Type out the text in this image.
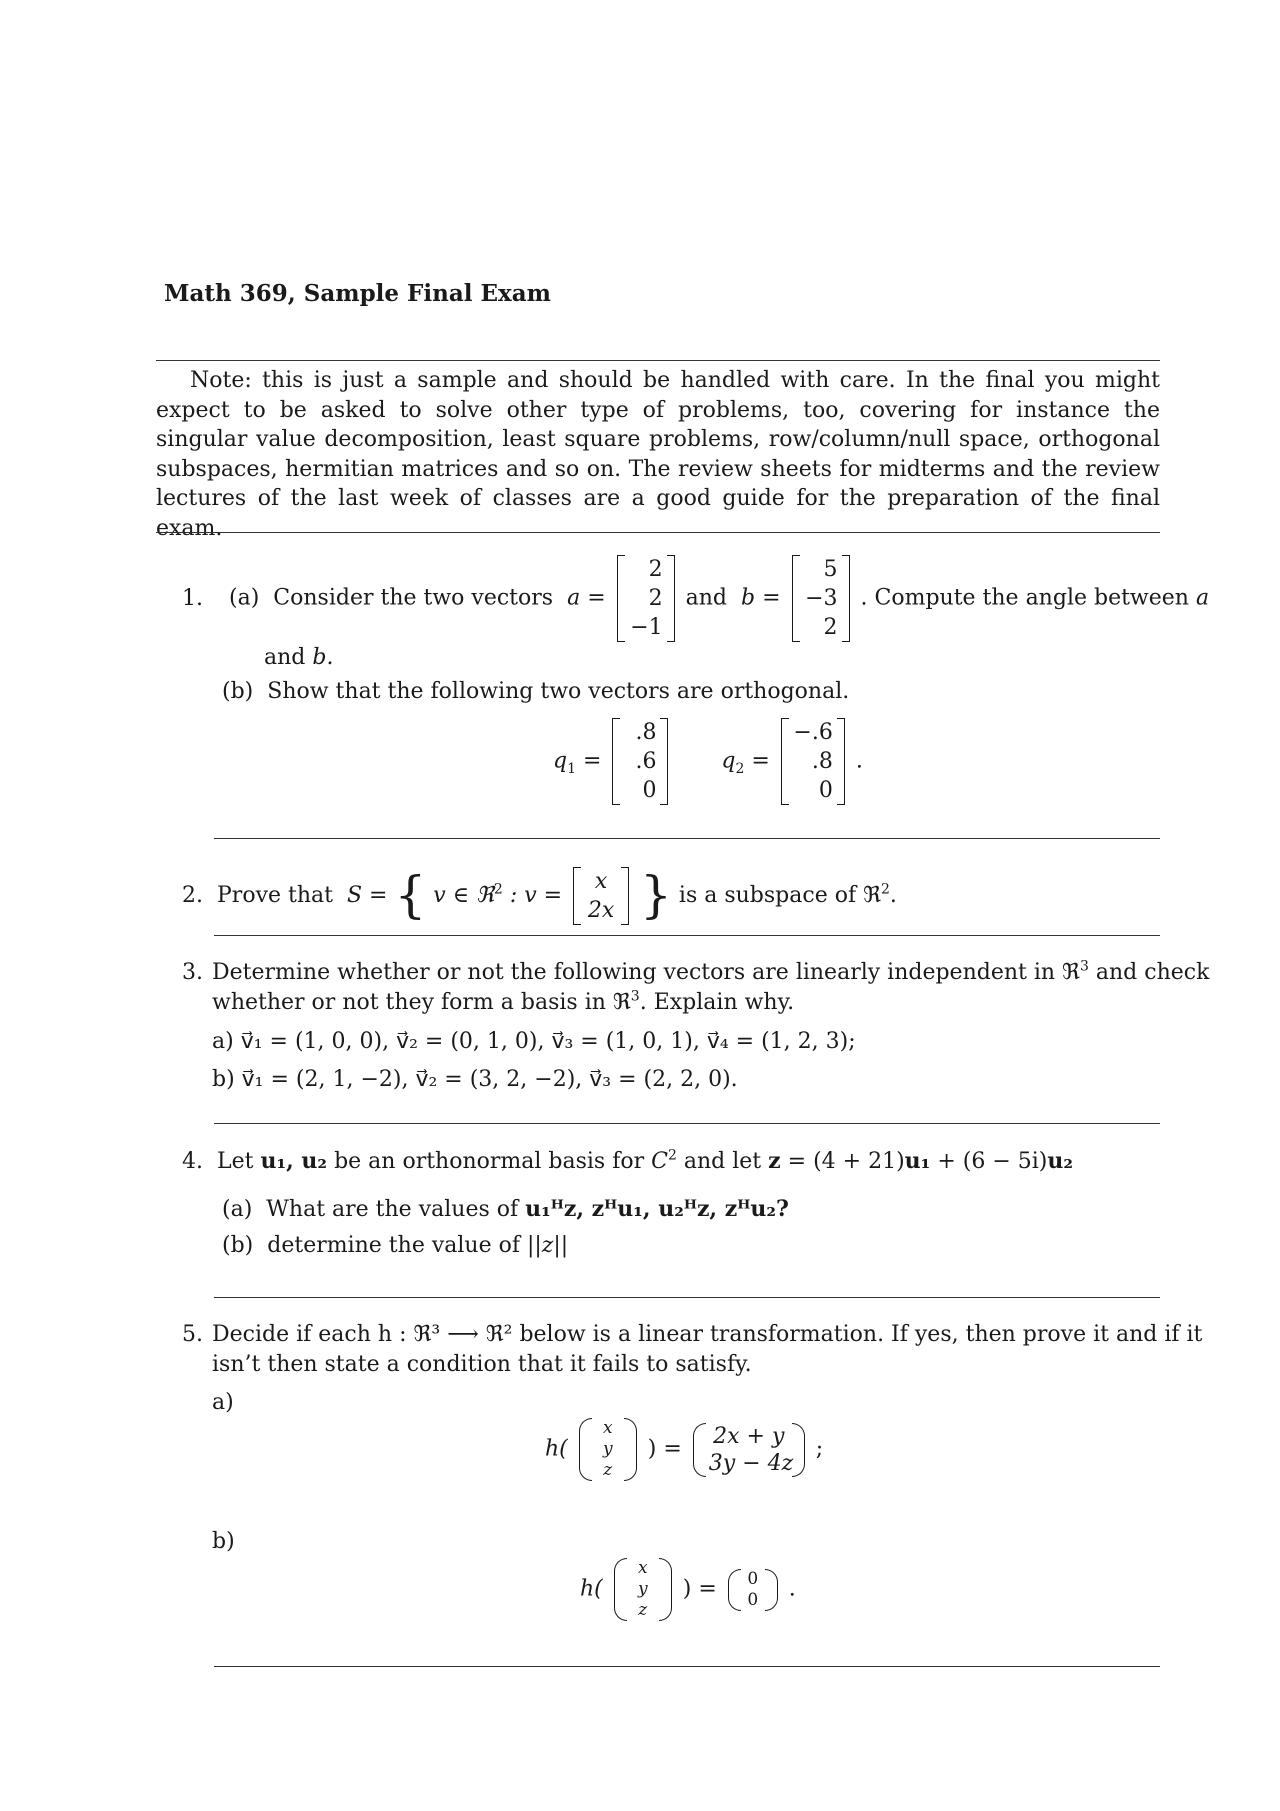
Math 369, Sample Final Exam
Note: this is just a sample and should be handled with care. In the final you might expect to be asked to solve other type of problems, too, covering for instance the singular value decomposition, least square problems, row/column/null space, orthogonal subspaces, hermitian matrices and so on. The review sheets for midterms and the review lectures of the last week of classes are a good guide for the preparation of the final exam.
1. (a) Consider the two vectors a =
2
2
−1
and b =
5
−3
2
. Compute the angle between a
and b.
(b) Show that the following two vectors are orthogonal.
$q_1$ =
.8
.6
0
$q_2$ =
−.6
.8
0
.
2. Prove that S = { v ∈ ℜ$^2$ : v =
x
2x } is a subspace of ℜ$^2$.
3. Determine whether or not the following vectors are linearly independent in ℜ$^3$ and check
whether or not they form a basis in ℜ$^3$. Explain why.
a) v⃗₁ = (1, 0, 0), v⃗₂ = (0, 1, 0), v⃗₃ = (1, 0, 1), v⃗₄ = (1, 2, 3);
b) v⃗₁ = (2, 1, −2), v⃗₂ = (3, 2, −2), v⃗₃ = (2, 2, 0).
4. Let u₁, u₂ be an orthonormal basis for $C^2$ and let z = (4 + 21)u₁ + (6 − 5i)u₂
(a) What are the values of u₁ᴴz, zᴴu₁, u₂ᴴz, zᴴu₂?
(b) determine the value of ||z||
5. Decide if each h : ℜ³ ⟶ ℜ² below is a linear transformation. If yes, then prove it and if it
isn’t then state a condition that it fails to satisfy.
a)
h(
x
y
z
) =
2x + y
3y − 4z
;
b)
h(
x
y
z
) = 0
0 .
